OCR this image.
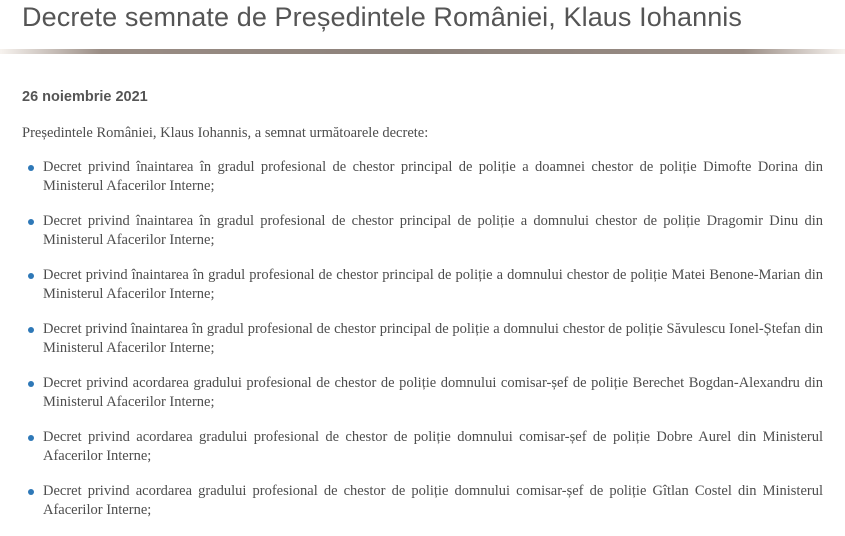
Decrete semnate de Președintele României, Klaus Iohannis

26 noiembrie 2021

Președintele României, Klaus Iohannis, a semnat următoarele decrete:

Decret privind înaintarea în gradul profesional de chestor principal de poliție a doamnei chestor de poliție Dimofte Dorina din Ministerul Afacerilor Interne;
Decret privind înaintarea în gradul profesional de chestor principal de poliție a domnului chestor de poliție Dragomir Dinu din Ministerul Afacerilor Interne;
Decret privind înaintarea în gradul profesional de chestor principal de poliție a domnului chestor de poliție Matei Benone-Marian din Ministerul Afacerilor Interne;
Decret privind înaintarea în gradul profesional de chestor principal de poliție a domnului chestor de poliție Săvulescu Ionel-Ștefan din Ministerul Afacerilor Interne;
Decret privind acordarea gradului profesional de chestor de poliție domnului comisar-șef de poliție Berechet Bogdan-Alexandru din Ministerul Afacerilor Interne;
Decret privind acordarea gradului profesional de chestor de poliție domnului comisar-șef de poliție Dobre Aurel din Ministerul Afacerilor Interne;
Decret privind acordarea gradului profesional de chestor de poliție domnului comisar-șef de poliție Gîtlan Costel din Ministerul Afacerilor Interne;
